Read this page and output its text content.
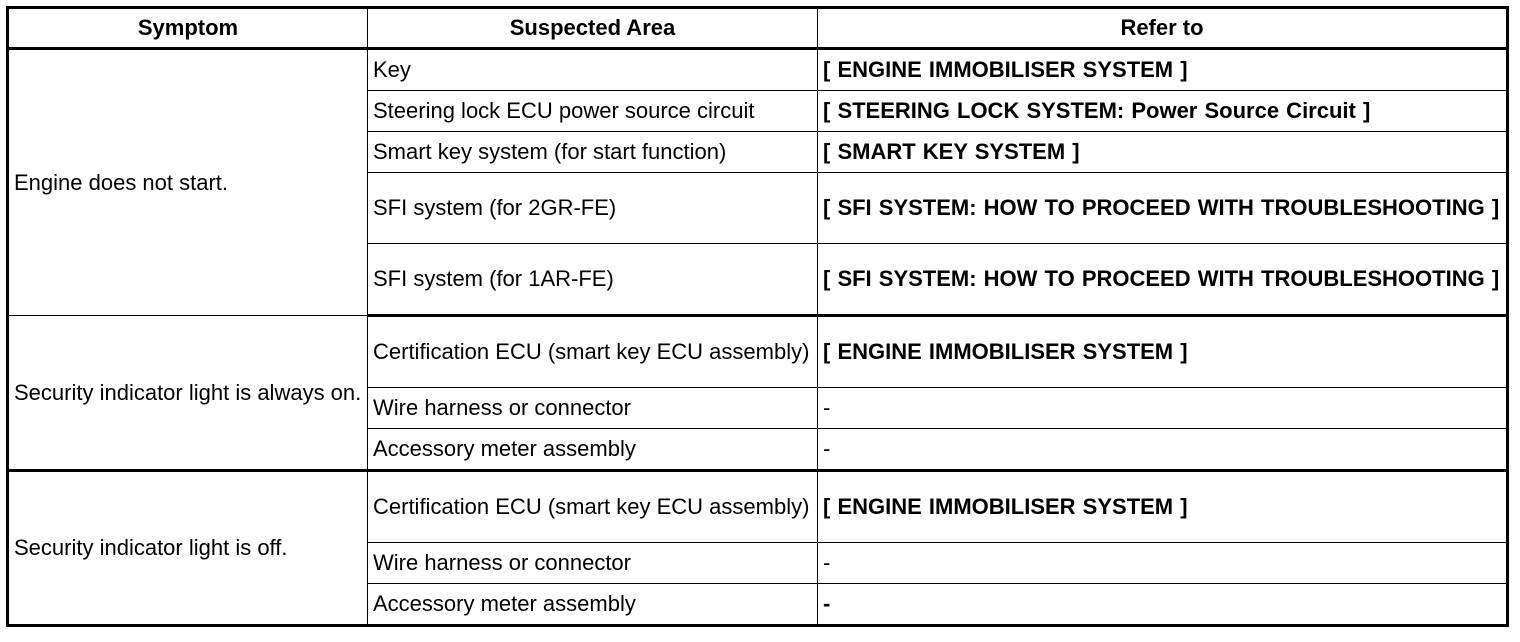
Symptom	Suspected Area	Refer to
Engine does not start.	Key	[ ENGINE IMMOBILISER SYSTEM ]
	Steering lock ECU power source circuit	[ STEERING LOCK SYSTEM: Power Source Circuit ]
	Smart key system (for start function)	[ SMART KEY SYSTEM ]
	SFI system (for 2GR-FE)	[ SFI SYSTEM: HOW TO PROCEED WITH TROUBLESHOOTING ]
	SFI system (for 1AR-FE)	[ SFI SYSTEM: HOW TO PROCEED WITH TROUBLESHOOTING ]
Security indicator light is always on.	Certification ECU (smart key ECU assembly)	[ ENGINE IMMOBILISER SYSTEM ]
	Wire harness or connector	-
	Accessory meter assembly	-
Security indicator light is off.	Certification ECU (smart key ECU assembly)	[ ENGINE IMMOBILISER SYSTEM ]
	Wire harness or connector	-
	Accessory meter assembly	-
